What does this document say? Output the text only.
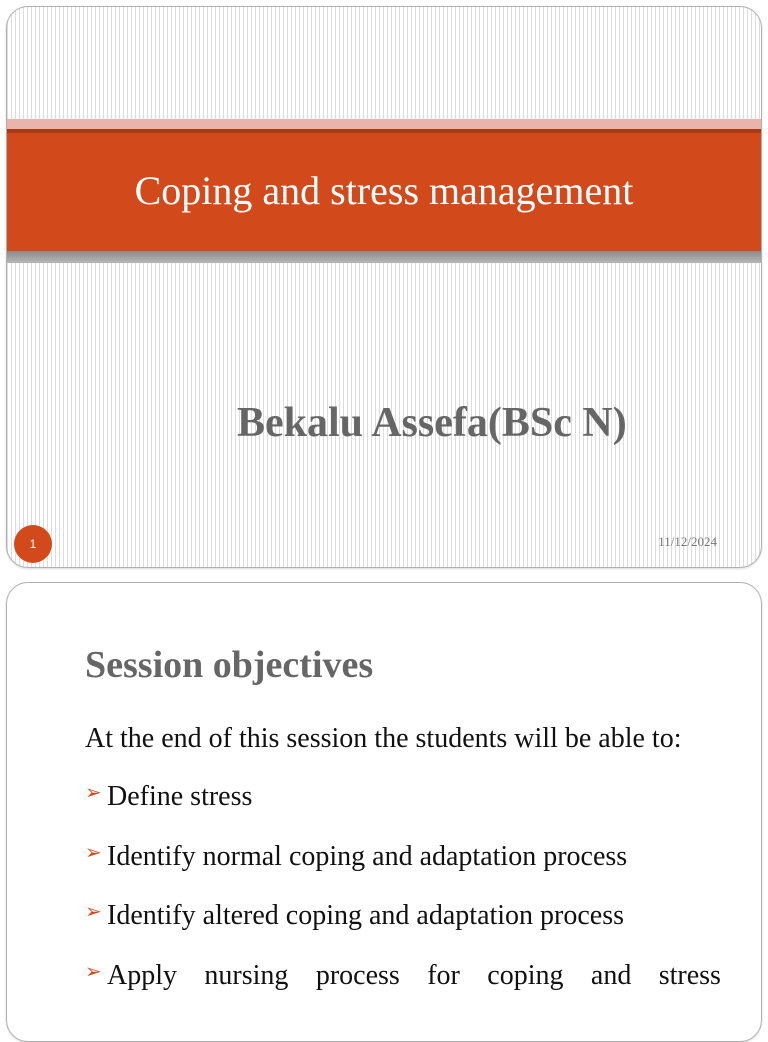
Coping and stress management
Bekalu Assefa(BSc N)
1	11/12/2024
Session objectives
At the end of this session the students will be able to:
➢ Define stress
➢ Identify normal coping and adaptation process
➢ Identify altered coping and adaptation process
➢ Apply nursing process for coping and stress
